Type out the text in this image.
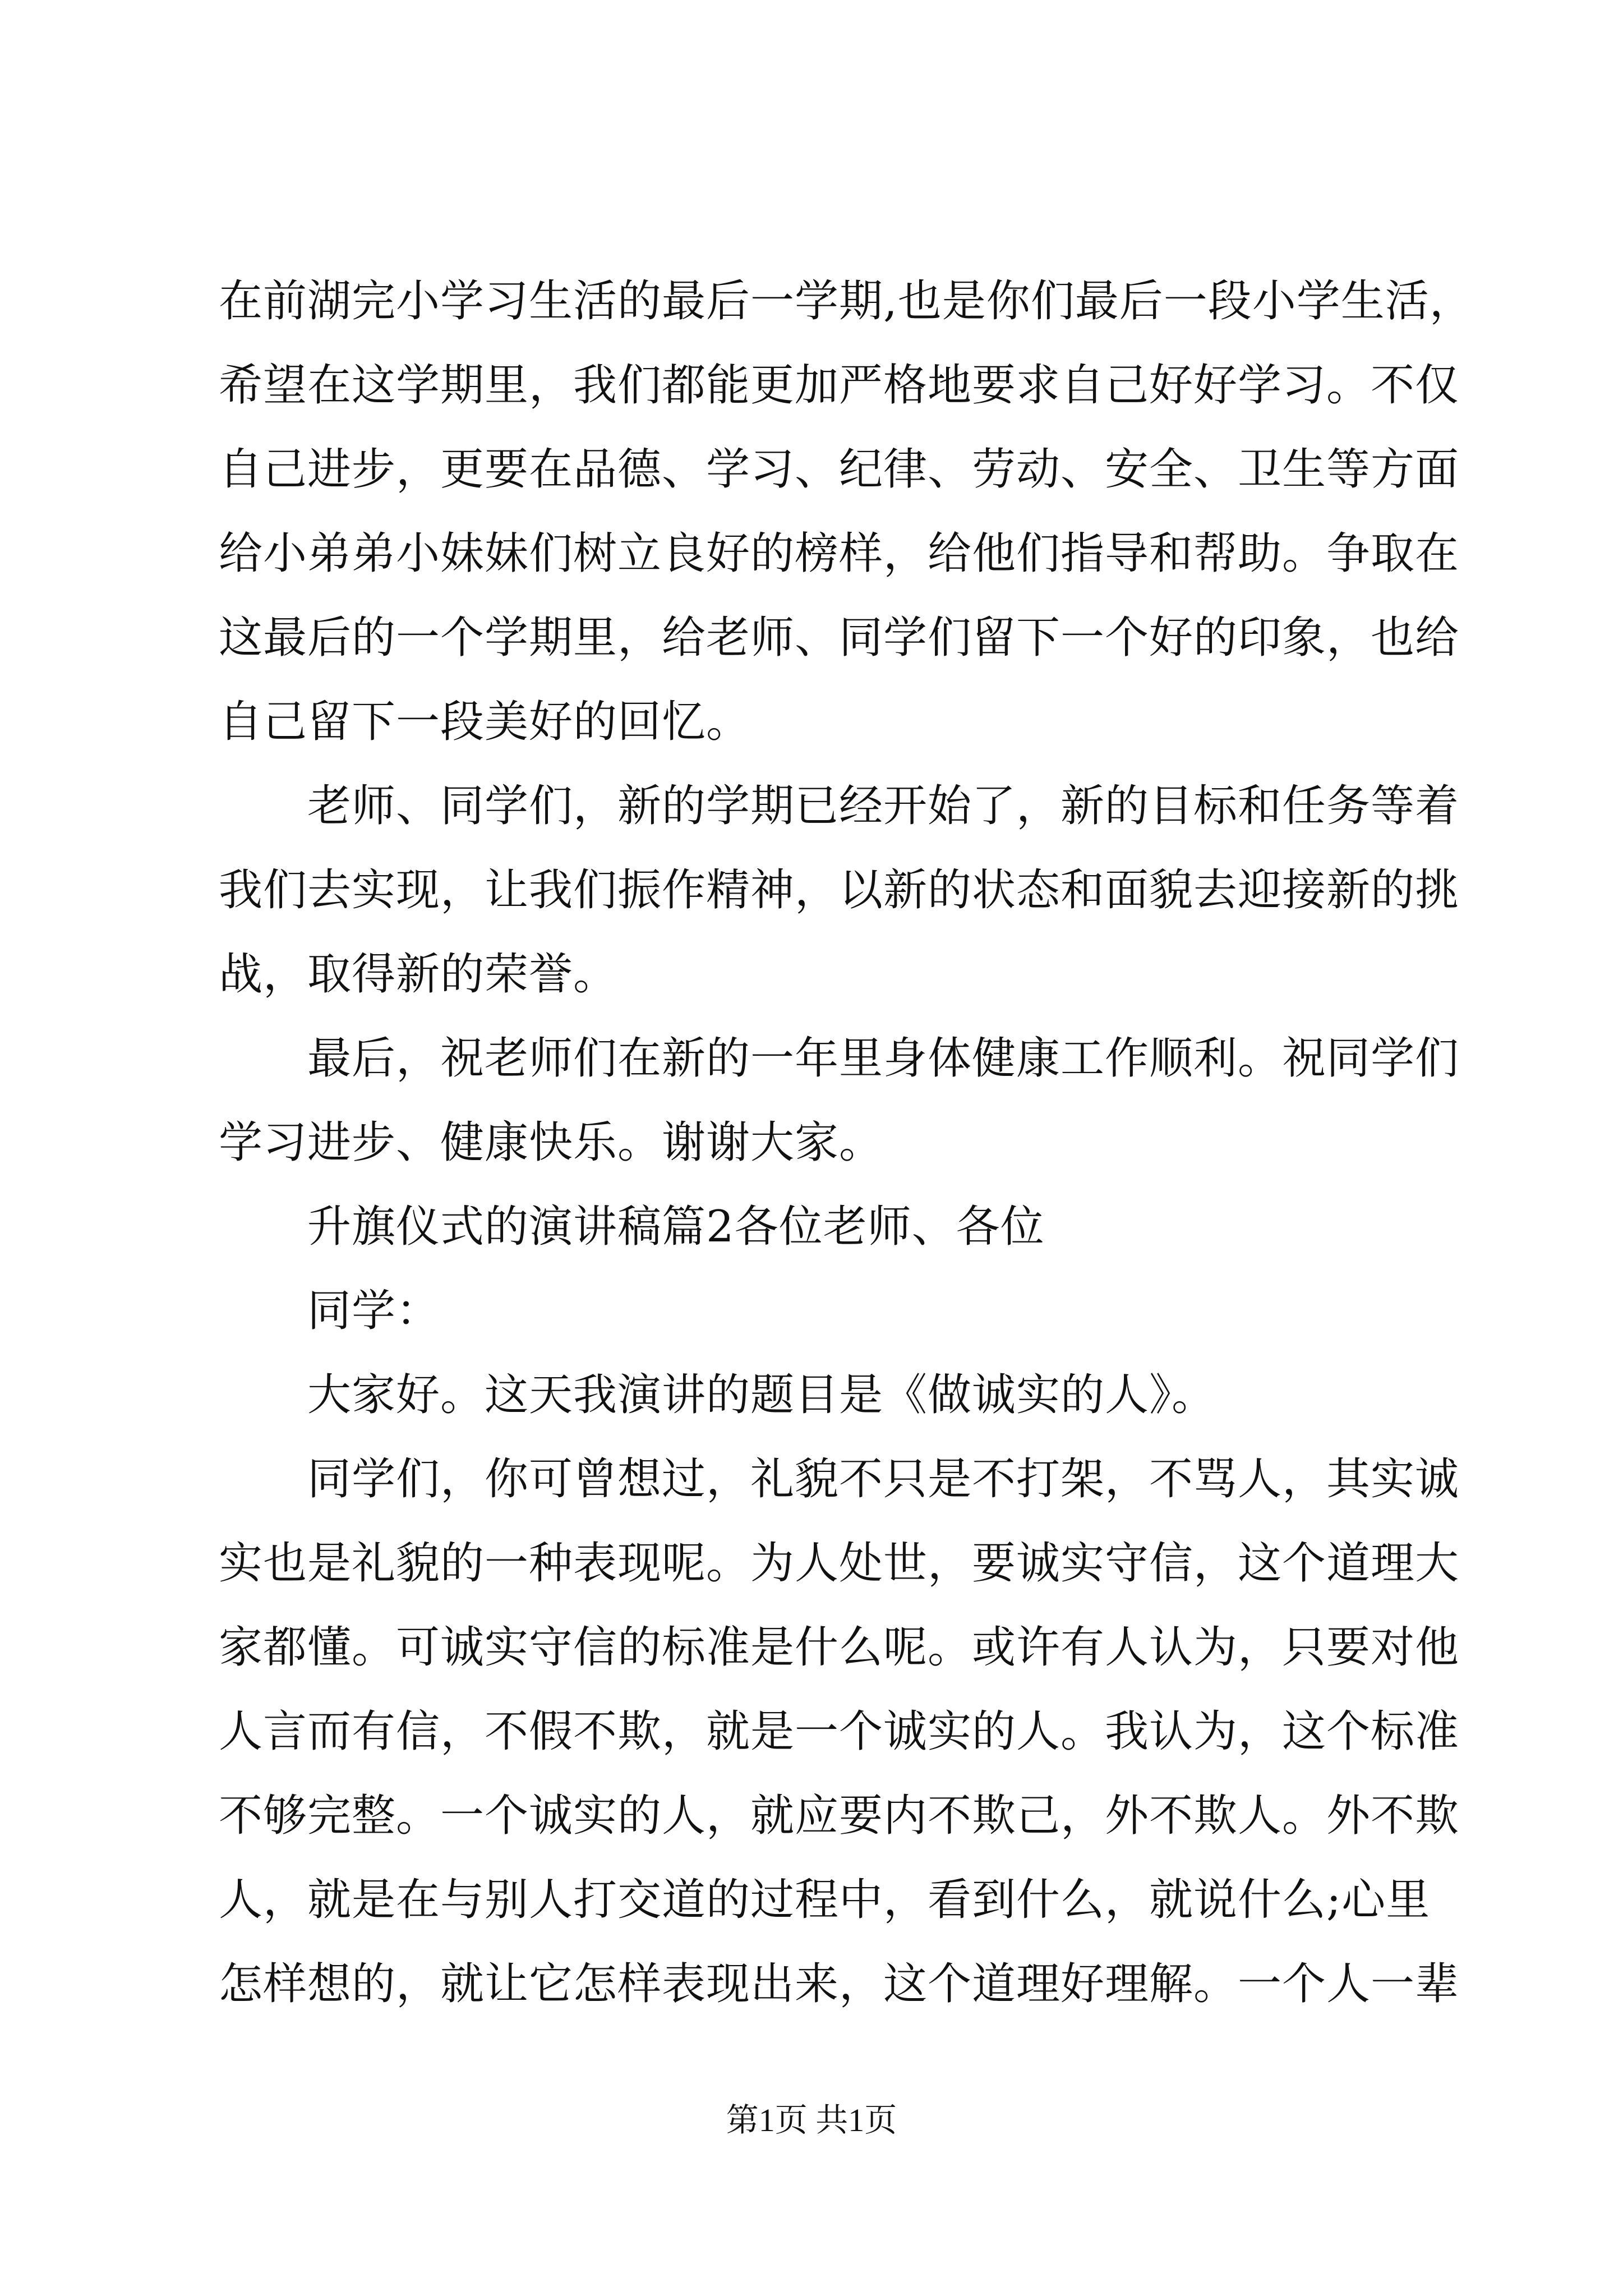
在前湖完小学习生活的最后一学期,也是你们最后一段小学生活，
希望在这学期里，我们都能更加严格地要求自己好好学习。不仅
自己进步，更要在品德、学习、纪律、劳动、安全、卫生等方面
给小弟弟小妹妹们树立良好的榜样，给他们指导和帮助。争取在
这最后的一个学期里，给老师、同学们留下一个好的印象，也给
自己留下一段美好的回忆。
老师、同学们，新的学期已经开始了，新的目标和任务等着
我们去实现，让我们振作精神，以新的状态和面貌去迎接新的挑
战，取得新的荣誉。
最后，祝老师们在新的一年里身体健康工作顺利。祝同学们
学习进步、健康快乐。谢谢大家。
升旗仪式的演讲稿篇2各位老师、各位
同学：
大家好。这天我演讲的题目是《做诚实的人》。
同学们，你可曾想过，礼貌不只是不打架，不骂人，其实诚
实也是礼貌的一种表现呢。为人处世，要诚实守信，这个道理大
家都懂。可诚实守信的标准是什么呢。或许有人认为，只要对他
人言而有信，不假不欺，就是一个诚实的人。我认为，这个标准
不够完整。一个诚实的人，就应要内不欺己，外不欺人。外不欺
人，就是在与别人打交道的过程中，看到什么，就说什么;心里
怎样想的，就让它怎样表现出来，这个道理好理解。一个人一辈
第1页 共1页
